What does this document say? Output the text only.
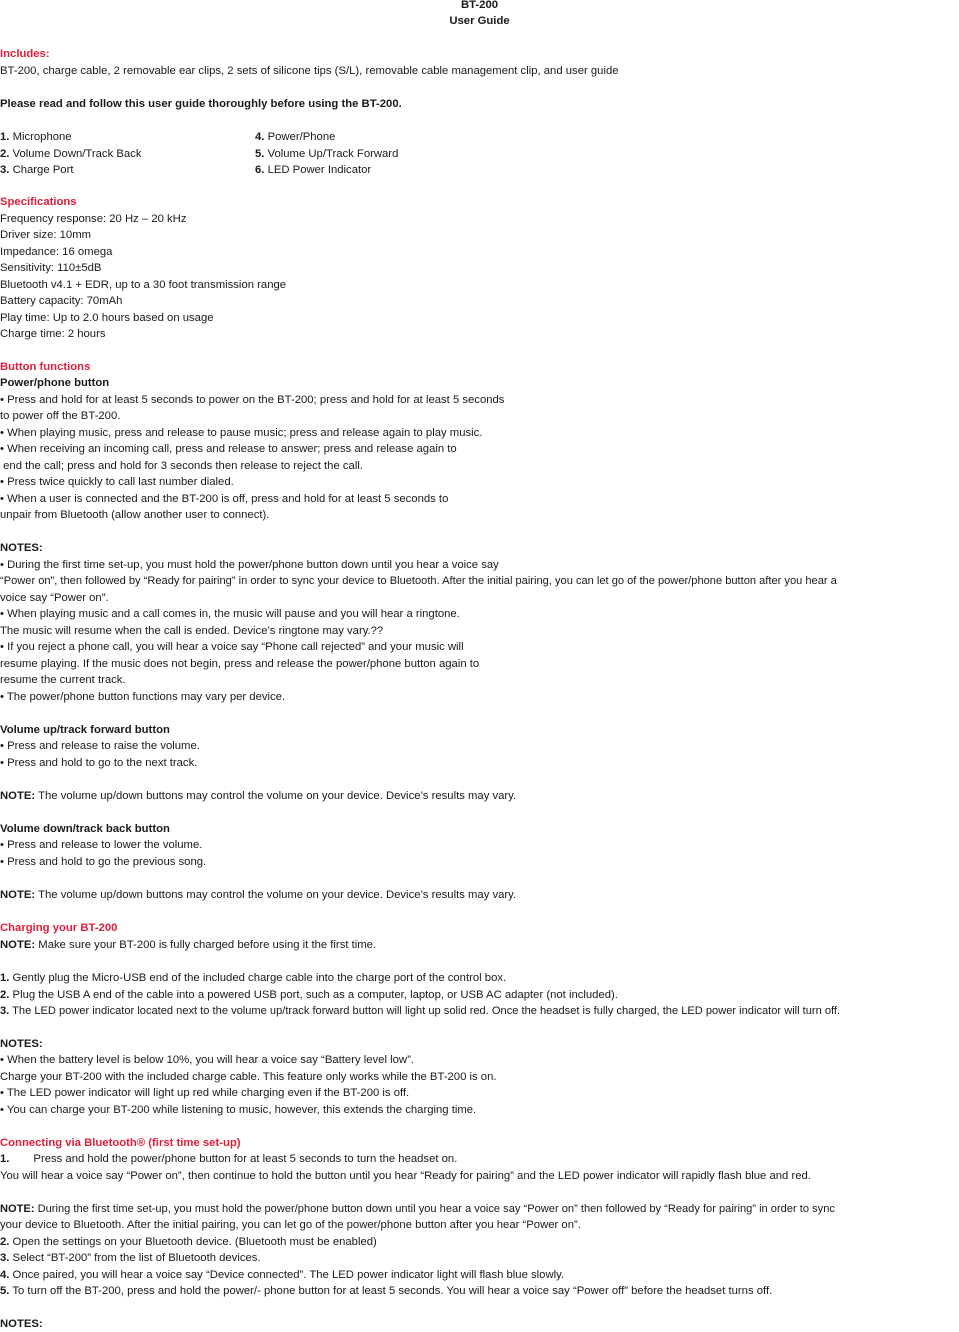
BT-200
User Guide
Includes:
BT-200, charge cable, 2 removable ear clips, 2 sets of silicone tips (S/L), removable cable management clip, and user guide
Please read and follow this user guide thoroughly before using the BT-200.
1. Microphone
2. Volume Down/Track Back
3. Charge Port
4. Power/Phone
5. Volume Up/Track Forward
6. LED Power Indicator
Specifications
Frequency response: 20 Hz – 20 kHz
Driver size: 10mm
Impedance: 16 omega
Sensitivity: 110±5dB
Bluetooth v4.1 + EDR, up to a 30 foot transmission range
Battery capacity: 70mAh
Play time: Up to 2.0 hours based on usage
Charge time: 2 hours
Button functions
Power/phone button
• Press and hold for at least 5 seconds to power on the BT-200; press and hold for at least 5 seconds
to power off the BT-200.
• When playing music, press and release to pause music; press and release again to play music.
• When receiving an incoming call, press and release to answer; press and release again to
end the call; press and hold for 3 seconds then release to reject the call.
• Press twice quickly to call last number dialed.
• When a user is connected and the BT-200 is off, press and hold for at least 5 seconds to
unpair from Bluetooth (allow another user to connect).
NOTES:
• During the first time set-up, you must hold the power/phone button down until you hear a voice say
“Power on”, then followed by “Ready for pairing” in order to sync your device to Bluetooth. After the initial pairing, you can let go of the power/phone button after you hear a
voice say “Power on”.
• When playing music and a call comes in, the music will pause and you will hear a ringtone.
The music will resume when the call is ended. Device’s ringtone may vary.??
• If you reject a phone call, you will hear a voice say “Phone call rejected” and your music will
resume playing. If the music does not begin, press and release the power/phone button again to
resume the current track.
• The power/phone button functions may vary per device.
Volume up/track forward button
• Press and release to raise the volume.
• Press and hold to go to the next track.
NOTE: The volume up/down buttons may control the volume on your device. Device’s results may vary.
Volume down/track back button
• Press and release to lower the volume.
• Press and hold to go the previous song.
NOTE: The volume up/down buttons may control the volume on your device. Device’s results may vary.
Charging your BT-200
NOTE: Make sure your BT-200 is fully charged before using it the first time.
1. Gently plug the Micro-USB end of the included charge cable into the charge port of the control box.
2. Plug the USB A end of the cable into a powered USB port, such as a computer, laptop, or USB AC adapter (not included).
3. The LED power indicator located next to the volume up/track forward button will light up solid red. Once the headset is fully charged, the LED power indicator will turn off.
NOTES:
• When the battery level is below 10%, you will hear a voice say “Battery level low”.
Charge your BT-200 with the included charge cable. This feature only works while the BT-200 is on.
• The LED power indicator will light up red while charging even if the BT-200 is off.
• You can charge your BT-200 while listening to music, however, this extends the charging time.
Connecting via Bluetooth® (first time set-up)
1. Press and hold the power/phone button for at least 5 seconds to turn the headset on.
You will hear a voice say “Power on”, then continue to hold the button until you hear “Ready for pairing” and the LED power indicator will rapidly flash blue and red.
NOTE: During the first time set-up, you must hold the power/phone button down until you hear a voice say “Power on” then followed by “Ready for pairing” in order to sync
your device to Bluetooth. After the initial pairing, you can let go of the power/phone button after you hear “Power on”.
2. Open the settings on your Bluetooth device. (Bluetooth must be enabled)
3. Select “BT-200” from the list of Bluetooth devices.
4. Once paired, you will hear a voice say “Device connected”. The LED power indicator light will flash blue slowly.
5. To turn off the BT-200, press and hold the power/- phone button for at least 5 seconds. You will hear a voice say “Power off” before the headset turns off.
NOTES:
